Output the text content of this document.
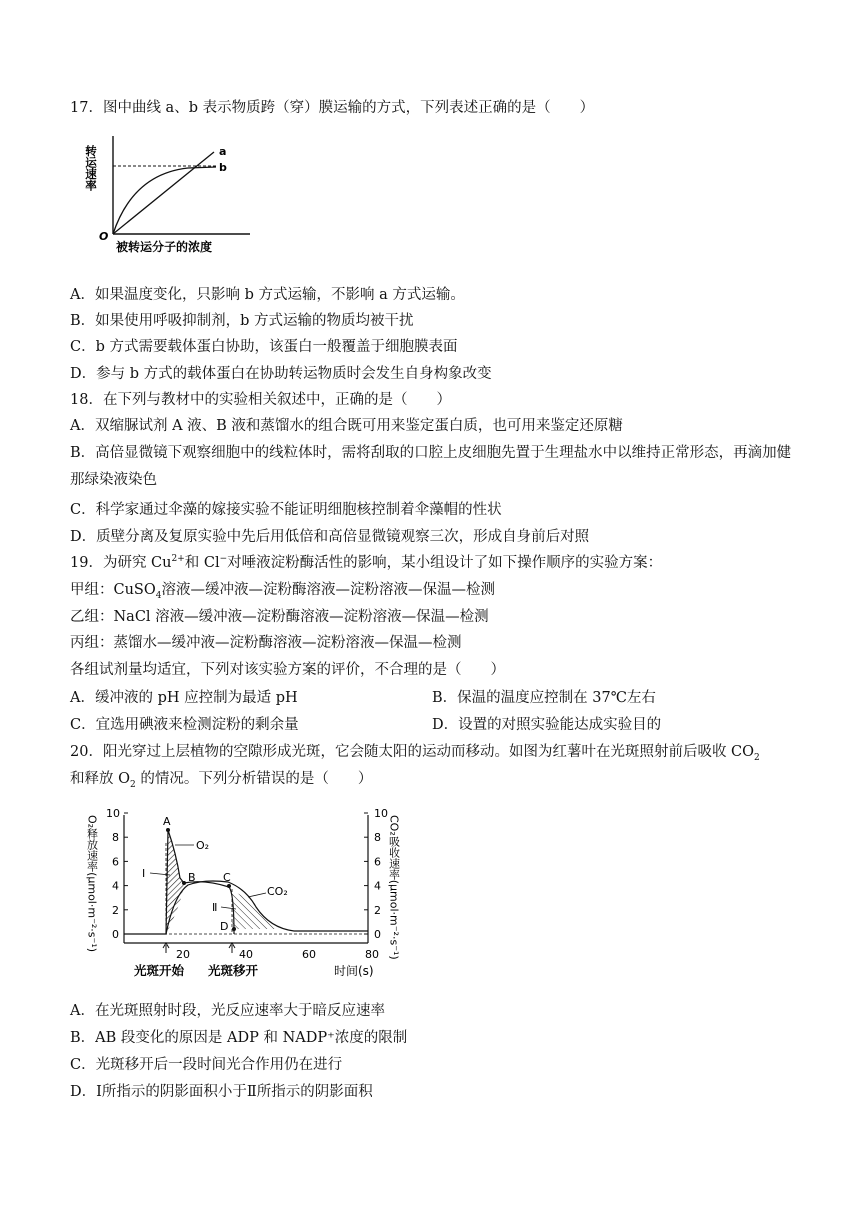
17．图中曲线 a、b 表示物质跨（穿）膜运输的方式，下列表述正确的是（　　）
a
b
O
转运速率
被转运分子的浓度
A．如果温度变化，只影响 b 方式运输，不影响 a 方式运输。
B．如果使用呼吸抑制剂，b 方式运输的物质均被干扰
C．b 方式需要载体蛋白协助，该蛋白一般覆盖于细胞膜表面
D．参与 b 方式的载体蛋白在协助转运物质时会发生自身构象改变
18．在下列与教材中的实验相关叙述中，正确的是（　　）
A．双缩脲试剂 A 液、B 液和蒸馏水的组合既可用来鉴定蛋白质，也可用来鉴定还原糖
B．高倍显微镜下观察细胞中的线粒体时，需将刮取的口腔上皮细胞先置于生理盐水中以维持正常形态，再滴加健那绿染液染色
C．科学家通过伞藻的嫁接实验不能证明细胞核控制着伞藻帽的性状
D．质壁分离及复原实验中先后用低倍和高倍显微镜观察三次，形成自身前后对照
19．为研究 $Cu^{2+}$和 Cl−对唾液淀粉酶活性的影响，某小组设计了如下操作顺序的实验方案：
甲组：CuSO$_4$溶液—缓冲液—淀粉酶溶液—淀粉溶液—保温—检测
乙组：NaCl 溶液—缓冲液—淀粉酶溶液—淀粉溶液—保温—检测
丙组：蒸馏水—缓冲液—淀粉酶溶液—淀粉溶液—保温—检测
各组试剂量均适宜，下列对该实验方案的评价，不合理的是（　　）
A．缓冲液的 pH 应控制为最适 pH	B．保温的温度应控制在 37℃左右
C．宜选用碘液来检测淀粉的剩余量	D．设置的对照实验能达成实验目的
20．阳光穿过上层植物的空隙形成光斑，它会随太阳的运动而移动。如图为红薯叶在光斑照射前后吸收 $CO_2$
和释放 $O_2$ 的情况。下列分析错误的是（　　）
0
2
4
6
8
10
0
2
4
6
8
10
20	40	60	80
A
B C
D
Ⅰ
Ⅱ
O₂
CO₂
光斑开始 光斑移开	时间(s)
O₂释放速率(μmol·m⁻²·s⁻¹)	CO₂吸收速率(μmol·m⁻²·s⁻¹)
A．在光斑照射时段，光反应速率大于暗反应速率
B．AB 段变化的原因是 ADP 和 NADP⁺浓度的限制
C．光斑移开后一段时间光合作用仍在进行
D．Ⅰ所指示的阴影面积小于Ⅱ所指示的阴影面积
